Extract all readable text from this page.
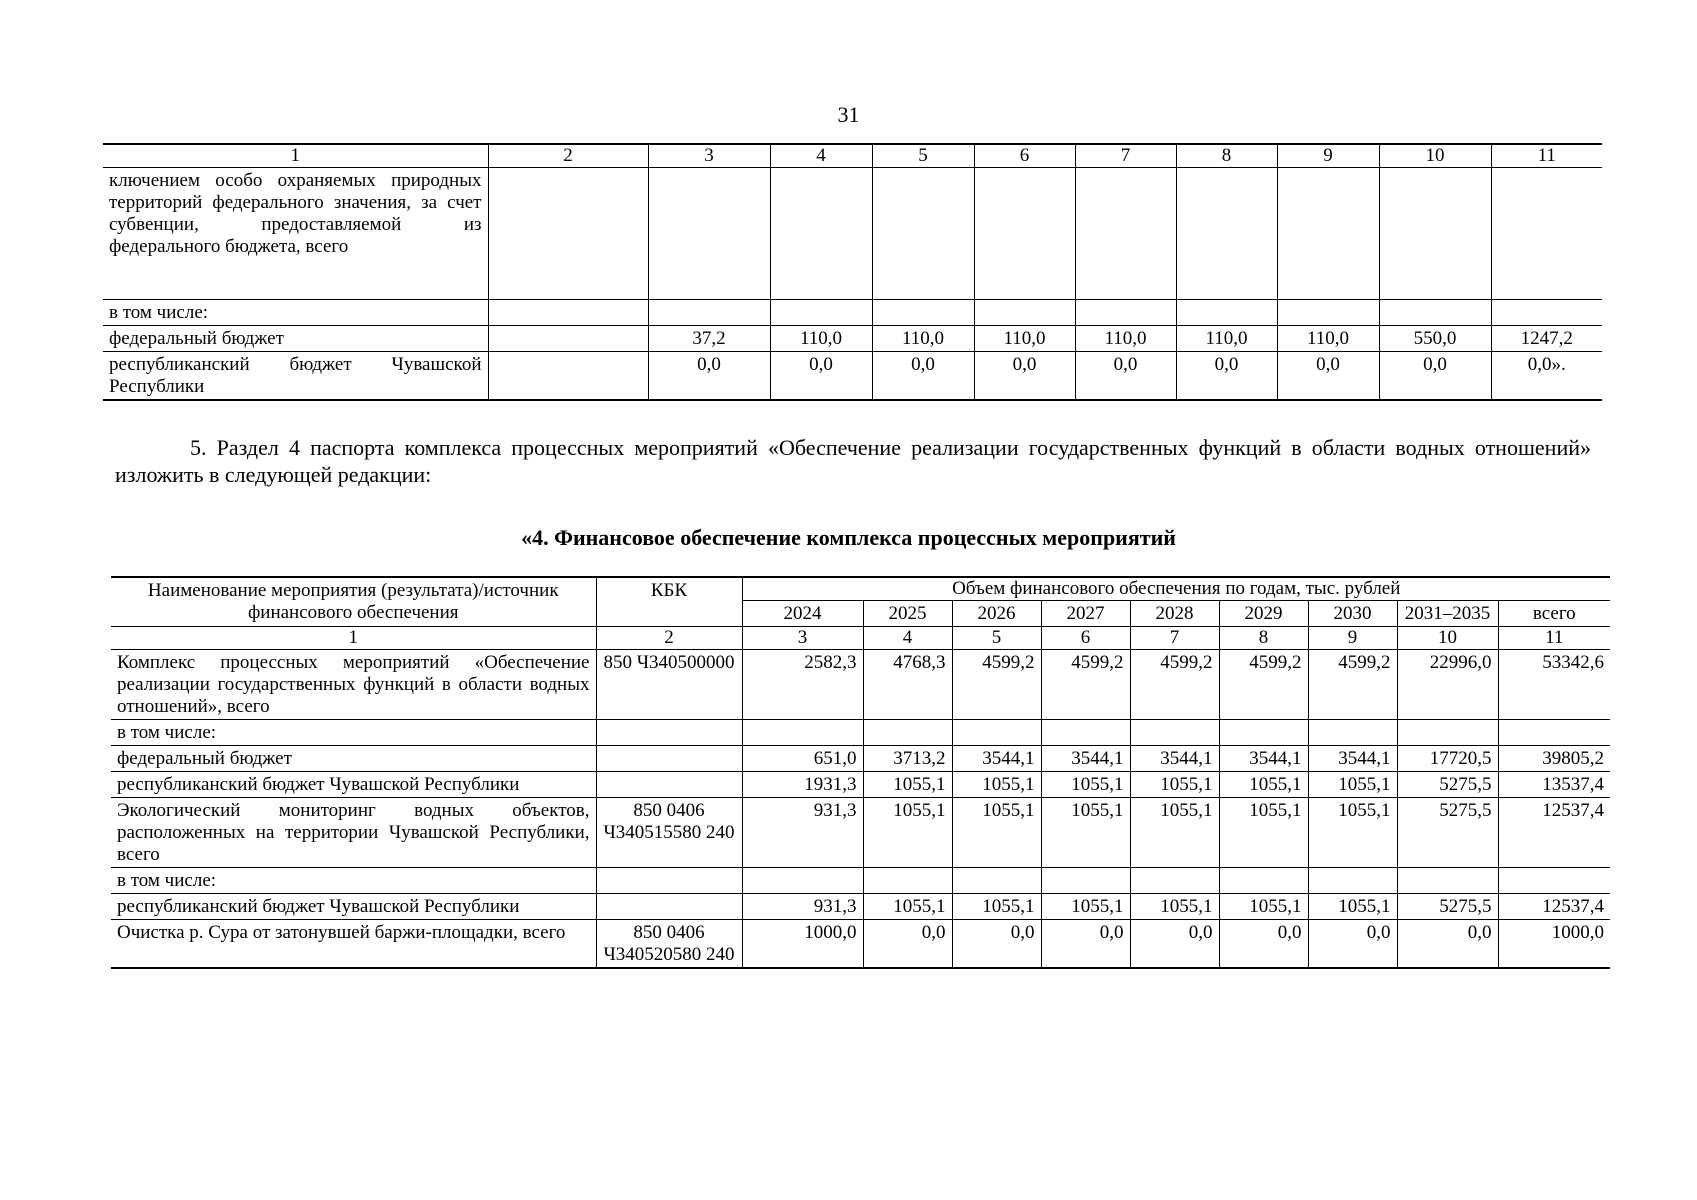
31
1	2	3	4	5	6	7	8	9	10	11
ключением особо охраняемых природных территорий федерального значения, за счет субвенции, предоставляемой из федерального бюджета, всего										
в том числе:										
федеральный бюджет		37,2	110,0	110,0	110,0	110,0	110,0	110,0	550,0	1247,2
республиканский бюджет Чувашской Республики		0,0	0,0	0,0	0,0	0,0	0,0	0,0	0,0	0,0».

5. Раздел 4 паспорта комплекса процессных мероприятий «Обеспечение реализации государственных функций в области водных отношений» изложить в следующей редакции:

«4. Финансовое обеспечение комплекса процессных мероприятий
Наименование мероприятия (результата)/источник финансового обеспечения	КБК	Объем финансового обеспечения по годам, тыс. рублей								
		2024	2025	2026	2027	2028	2029	2030	2031–2035	всего
1	2	3	4	5	6	7	8	9	10	11
Комплекс процессных мероприятий «Обеспечение реализации государственных функций в области водных отношений», всего	850 Ч340500000	2582,3	4768,3	4599,2	4599,2	4599,2	4599,2	4599,2	22996,0	53342,6
в том числе:										
федеральный бюджет		651,0	3713,2	3544,1	3544,1	3544,1	3544,1	3544,1	17720,5	39805,2
республиканский бюджет Чувашской Республики		1931,3	1055,1	1055,1	1055,1	1055,1	1055,1	1055,1	5275,5	13537,4
Экологический мониторинг водных объектов, расположенных на территории Чувашской Республики, всего	850 0406 Ч340515580 240	931,3	1055,1	1055,1	1055,1	1055,1	1055,1	1055,1	5275,5	12537,4
в том числе:										
республиканский бюджет Чувашской Республики		931,3	1055,1	1055,1	1055,1	1055,1	1055,1	1055,1	5275,5	12537,4
Очистка р. Сура от затонувшей баржи-площадки, всего	850 0406 Ч340520580 240	1000,0	0,0	0,0	0,0	0,0	0,0	0,0	0,0	1000,0
